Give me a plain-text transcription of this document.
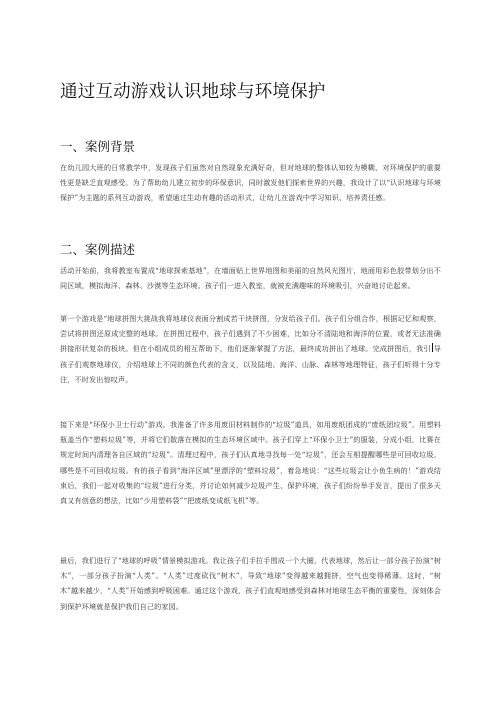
通过互动游戏认识地球与环境保护
一、案例背景
在幼儿园大班的日常教学中，发现孩子们虽然对自然现象充满好奇，但对地球的整体认知较为模糊，对环境保护的重要性更是缺乏直观感受。为了帮助幼儿建立初步的环保意识，同时激发他们探索世界的兴趣，我设计了以“认识地球与环境保护”为主题的系列互动游戏，希望通过生动有趣的活动形式，让幼儿在游戏中学习知识、培养责任感。
二、案例描述
活动开始前，我将教室布置成“地球探索基地”，在墙面贴上世界地图和美丽的自然风光图片，地面用彩色胶带划分出不同区域，模拟海洋、森林、沙漠等生态环境。孩子们一进入教室，就被充满趣味的环境吸引，兴奋地讨论起来。
第一个游戏是“地球拼图大挑战我将地球仪表面分割成若干块拼图，分发给孩子们。孩子们分组合作，根据记忆和观察，尝试将拼图还原成完整的地球。在拼图过程中，孩子们遇到了不少困难，比如分不清陆地和海洋的位置，或者无法准确拼接形状复杂的板块。但在小组成员的相互帮助下，他们逐渐掌握了方法，最终成功拼出了地球。完成拼图后，我引 导孩子们观察地球仪，介绍地球上不同的颜色代表的含义，以及陆地、海洋、山脉、森林等地理特征，孩子们听得十分专注，不时发出惊叹声。
接下来是“环保小卫士行动”游戏。我准备了许多用废旧材料制作的“垃圾”道具，如用废纸团成的“废纸团垃圾”、用塑料瓶盖当作“塑料垃圾”等，并将它们散落在模拟的生态环境区域中。孩子们穿上“环保小卫士”的服装，分成小组，比赛在规定时间内清理各自区域的“垃圾”。清理过程中，孩子们认真地寻找每一处“垃圾”，还会互相提醒哪些是可回收垃圾，哪些是不可回收垃圾。有的孩子看到“海洋区域”里漂浮的“塑料垃圾”，着急地说：“这些垃圾会让小鱼生病的！”游戏结束后，我们一起对收集的“垃圾”进行分类，并讨论如何减少垃圾产生、保护环境，孩子们纷纷举手发言，提出了很多天真又有创意的想法，比如“少用塑料袋”“把废纸变成纸飞机”等。
最后，我们进行了“地球的呼吸”情景模拟游戏。我让孩子们手拉手围成一个大圈，代表地球，然后让一部分孩子扮演“树木”，一部分孩子扮演“人类”。“人类”过度砍伐“树木”，导致“地球”变得越来越拥挤，空气也变得稀薄。这时，“树木”越来越少，“人类”开始感到呼吸困难。通过这个游戏，孩子们直观地感受到森林对地球生态平衡的重要性，深刻体会到保护环境就是保护我们自己的家园。
